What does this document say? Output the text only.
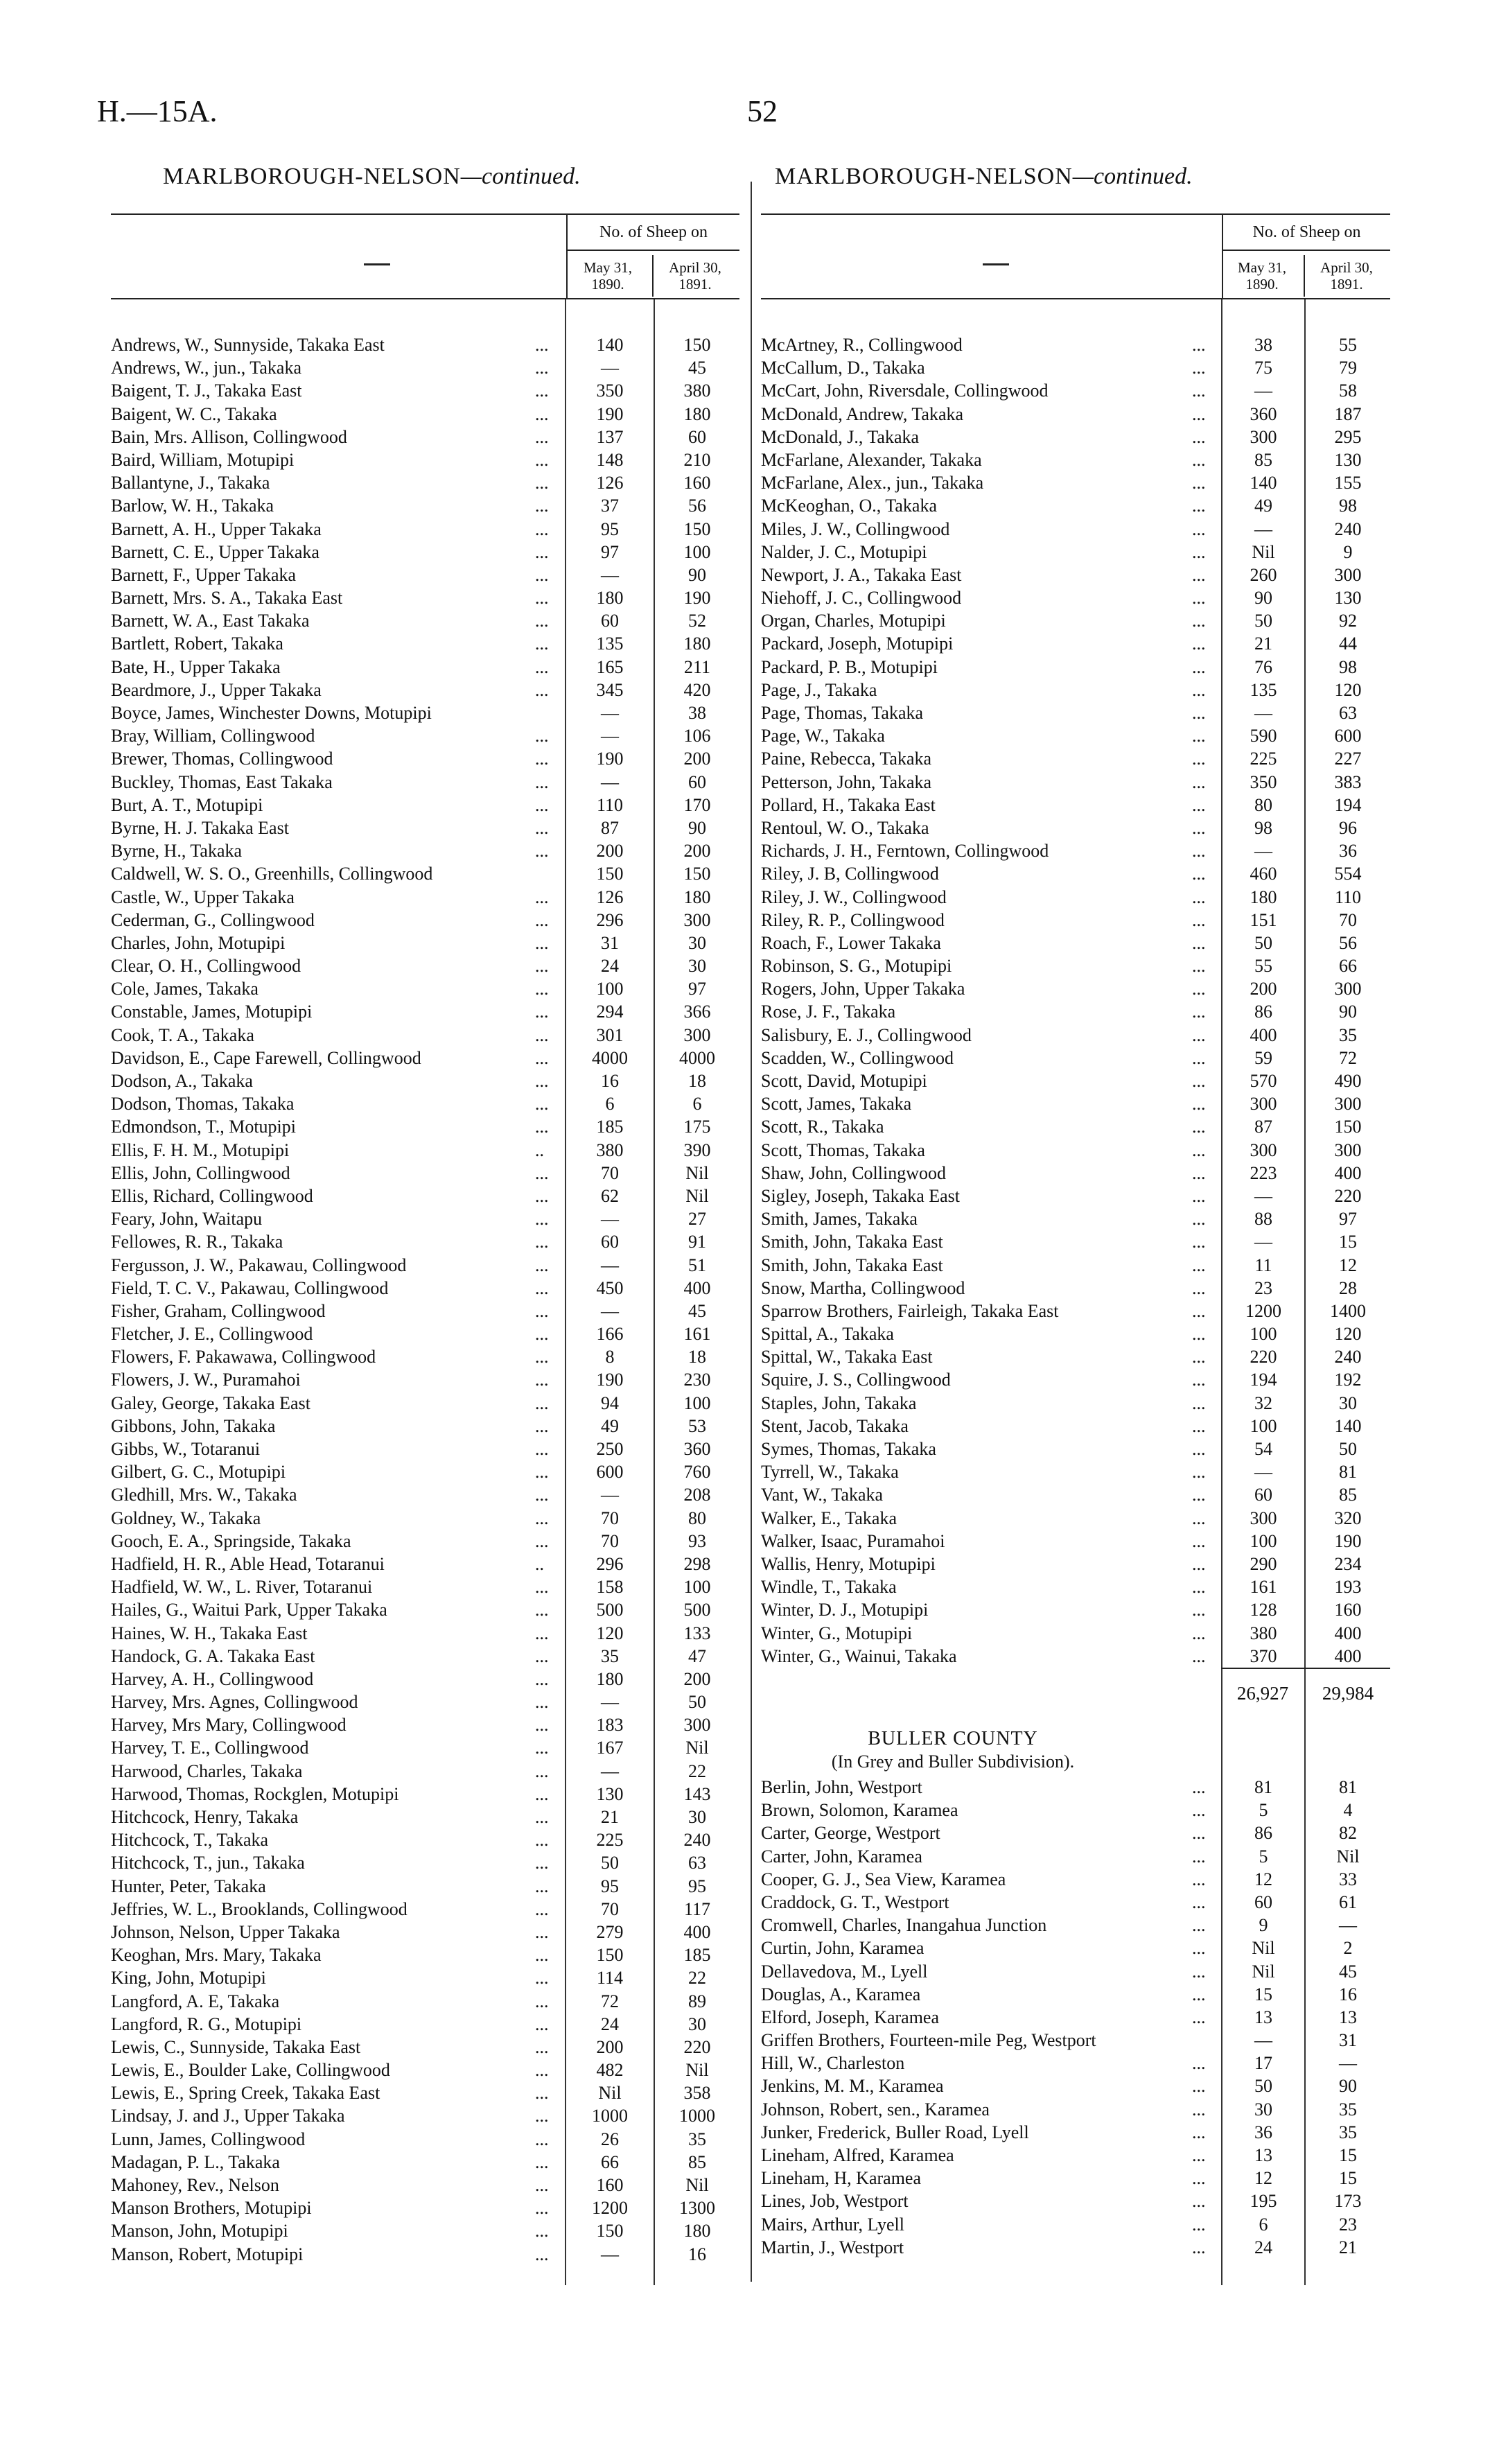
H.—15A.	52
MARLBOROUGH-NELSON—continued.	MARLBOROUGH-NELSON—continued.
No. of Sheep on
May 31, 1890.
April 30, 1891.
No. of Sheep on
May 31, 1890.
April 30, 1891.
Andrews, W., Sunnyside, Takaka East	...	140	150
Andrews, W., jun., Takaka	...	—	45
Baigent, T. J., Takaka East	...	350	380
Baigent, W. C., Takaka	...	190	180
Bain, Mrs. Allison, Collingwood	...	137	60
Baird, William, Motupipi	...	148	210
Ballantyne, J., Takaka	...	126	160
Barlow, W. H., Takaka	...	37	56
Barnett, A. H., Upper Takaka	...	95	150
Barnett, C. E., Upper Takaka	...	97	100
Barnett, F., Upper Takaka	...	—	90
Barnett, Mrs. S. A., Takaka East	...	180	190
Barnett, W. A., East Takaka	...	60	52
Bartlett, Robert, Takaka	...	135	180
Bate, H., Upper Takaka	...	165	211
Beardmore, J., Upper Takaka	...	345	420
Boyce, James, Winchester Downs, Motupipi	—	38
Bray, William, Collingwood	...	—	106
Brewer, Thomas, Collingwood	...	190	200
Buckley, Thomas, East Takaka	...	—	60
Burt, A. T., Motupipi	...	110	170
Byrne, H. J. Takaka East	...	87	90
Byrne, H., Takaka	...	200	200
Caldwell, W. S. O., Greenhills, Collingwood	150	150
Castle, W., Upper Takaka	...	126	180
Cederman, G., Collingwood	...	296	300
Charles, John, Motupipi	...	31	30
Clear, O. H., Collingwood	...	24	30
Cole, James, Takaka	...	100	97
Constable, James, Motupipi	...	294	366
Cook, T. A., Takaka	...	301	300
Davidson, E., Cape Farewell, Collingwood	...	4000	4000
Dodson, A., Takaka	...	16	18
Dodson, Thomas, Takaka	...	6	6
Edmondson, T., Motupipi	...	185	175
Ellis, F. H. M., Motupipi	..	380	390
Ellis, John, Collingwood	...	70	Nil
Ellis, Richard, Collingwood	...	62	Nil
Feary, John, Waitapu	...	—	27
Fellowes, R. R., Takaka	...	60	91
Fergusson, J. W., Pakawau, Collingwood	...	—	51
Field, T. C. V., Pakawau, Collingwood	...	450	400
Fisher, Graham, Collingwood	...	—	45
Fletcher, J. E., Collingwood	...	166	161
Flowers, F. Pakawawa, Collingwood	...	8	18
Flowers, J. W., Puramahoi	...	190	230
Galey, George, Takaka East	...	94	100
Gibbons, John, Takaka	...	49	53
Gibbs, W., Totaranui	...	250	360
Gilbert, G. C., Motupipi	...	600	760
Gledhill, Mrs. W., Takaka	...	—	208
Goldney, W., Takaka	...	70	80
Gooch, E. A., Springside, Takaka	...	70	93
Hadfield, H. R., Able Head, Totaranui	..	296	298
Hadfield, W. W., L. River, Totaranui	...	158	100
Hailes, G., Waitui Park, Upper Takaka	...	500	500
Haines, W. H., Takaka East	...	120	133
Handock, G. A. Takaka East	...	35	47
Harvey, A. H., Collingwood	...	180	200
Harvey, Mrs. Agnes, Collingwood	...	—	50
Harvey, Mrs Mary, Collingwood	...	183	300
Harvey, T. E., Collingwood	...	167	Nil
Harwood, Charles, Takaka	...	—	22
Harwood, Thomas, Rockglen, Motupipi	...	130	143
Hitchcock, Henry, Takaka	...	21	30
Hitchcock, T., Takaka	...	225	240
Hitchcock, T., jun., Takaka	...	50	63
Hunter, Peter, Takaka	...	95	95
Jeffries, W. L., Brooklands, Collingwood	...	70	117
Johnson, Nelson, Upper Takaka	...	279	400
Keoghan, Mrs. Mary, Takaka	...	150	185
King, John, Motupipi	...	114	22
Langford, A. E, Takaka	...	72	89
Langford, R. G., Motupipi	...	24	30
Lewis, C., Sunnyside, Takaka East	...	200	220
Lewis, E., Boulder Lake, Collingwood	...	482	Nil
Lewis, E., Spring Creek, Takaka East	...	Nil	358
Lindsay, J. and J., Upper Takaka	...	1000	1000
Lunn, James, Collingwood	...	26	35
Madagan, P. L., Takaka	...	66	85
Mahoney, Rev., Nelson	...	160	Nil
Manson Brothers, Motupipi	...	1200	1300
Manson, John, Motupipi	...	150	180
Manson, Robert, Motupipi	...	—	16
McArtney, R., Collingwood	...	38	55
McCallum, D., Takaka	...	75	79
McCart, John, Riversdale, Collingwood	...	—	58
McDonald, Andrew, Takaka	...	360	187
McDonald, J., Takaka	...	300	295
McFarlane, Alexander, Takaka	...	85	130
McFarlane, Alex., jun., Takaka	...	140	155
McKeoghan, O., Takaka	...	49	98
Miles, J. W., Collingwood	...	—	240
Nalder, J. C., Motupipi	...	Nil	9
Newport, J. A., Takaka East	...	260	300
Niehoff, J. C., Collingwood	...	90	130
Organ, Charles, Motupipi	...	50	92
Packard, Joseph, Motupipi	...	21	44
Packard, P. B., Motupipi	...	76	98
Page, J., Takaka	...	135	120
Page, Thomas, Takaka	...	—	63
Page, W., Takaka	...	590	600
Paine, Rebecca, Takaka	...	225	227
Petterson, John, Takaka	...	350	383
Pollard, H., Takaka East	...	80	194
Rentoul, W. O., Takaka	...	98	96
Richards, J. H., Ferntown, Collingwood	...	—	36
Riley, J. B, Collingwood	...	460	554
Riley, J. W., Collingwood	...	180	110
Riley, R. P., Collingwood	...	151	70
Roach, F., Lower Takaka	...	50	56
Robinson, S. G., Motupipi	...	55	66
Rogers, John, Upper Takaka	...	200	300
Rose, J. F., Takaka	...	86	90
Salisbury, E. J., Collingwood	...	400	35
Scadden, W., Collingwood	...	59	72
Scott, David, Motupipi	...	570	490
Scott, James, Takaka	...	300	300
Scott, R., Takaka	...	87	150
Scott, Thomas, Takaka	...	300	300
Shaw, John, Collingwood	...	223	400
Sigley, Joseph, Takaka East	...	—	220
Smith, James, Takaka	...	88	97
Smith, John, Takaka East	...	—	15
Smith, John, Takaka East	...	11	12
Snow, Martha, Collingwood	...	23	28
Sparrow Brothers, Fairleigh, Takaka East	...	1200	1400
Spittal, A., Takaka	...	100	120
Spittal, W., Takaka East	...	220	240
Squire, J. S., Collingwood	...	194	192
Staples, John, Takaka	...	32	30
Stent, Jacob, Takaka	...	100	140
Symes, Thomas, Takaka	...	54	50
Tyrrell, W., Takaka	...	—	81
Vant, W., Takaka	...	60	85
Walker, E., Takaka	...	300	320
Walker, Isaac, Puramahoi	...	100	190
Wallis, Henry, Motupipi	...	290	234
Windle, T., Takaka	...	161	193
Winter, D. J., Motupipi	...	128	160
Winter, G., Motupipi	...	380	400
Winter, G., Wainui, Takaka	...	370	400
26,927	29,984
BULLER COUNTY
(In Grey and Buller Subdivision).
Berlin, John, Westport	...	81	81
Brown, Solomon, Karamea	...	5	4
Carter, George, Westport	...	86	82
Carter, John, Karamea	...	5	Nil
Cooper, G. J., Sea View, Karamea	...	12	33
Craddock, G. T., Westport	...	60	61
Cromwell, Charles, Inangahua Junction	...	9	—
Curtin, John, Karamea	...	Nil	2
Dellavedova, M., Lyell	...	Nil	45
Douglas, A., Karamea	...	15	16
Elford, Joseph, Karamea	...	13	13
Griffen Brothers, Fourteen-mile Peg, Westport	—	31
Hill, W., Charleston	...	17	—
Jenkins, M. M., Karamea	...	50	90
Johnson, Robert, sen., Karamea	...	30	35
Junker, Frederick, Buller Road, Lyell	...	36	35
Lineham, Alfred, Karamea	...	13	15
Lineham, H, Karamea	...	12	15
Lines, Job, Westport	...	195	173
Mairs, Arthur, Lyell	...	6	23
Martin, J., Westport	...	24	21
